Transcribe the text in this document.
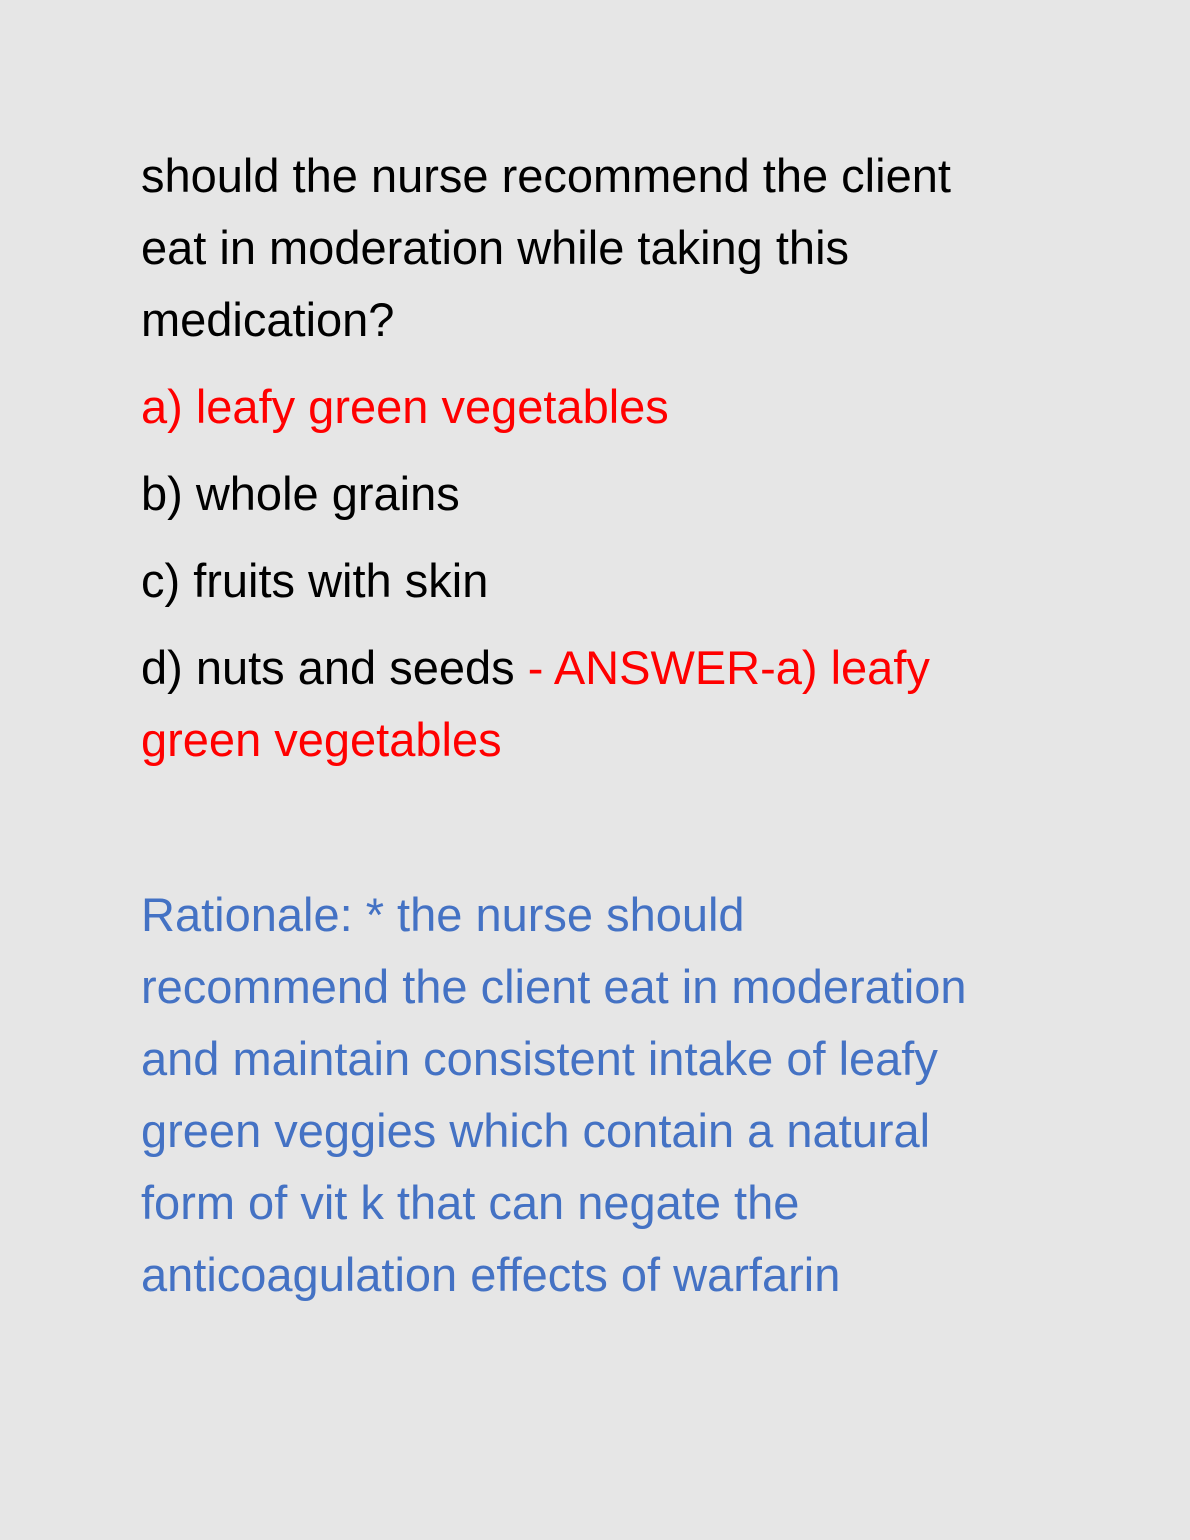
should the nurse recommend the client
eat in moderation while taking this
medication?
a) leafy green vegetables
b) whole grains
c) fruits with skin
d) nuts and seeds - ANSWER-a) leafy
green vegetables
Rationale: * the nurse should
recommend the client eat in moderation
and maintain consistent intake of leafy
green veggies which contain a natural
form of vit k that can negate the
anticoagulation effects of warfarin
